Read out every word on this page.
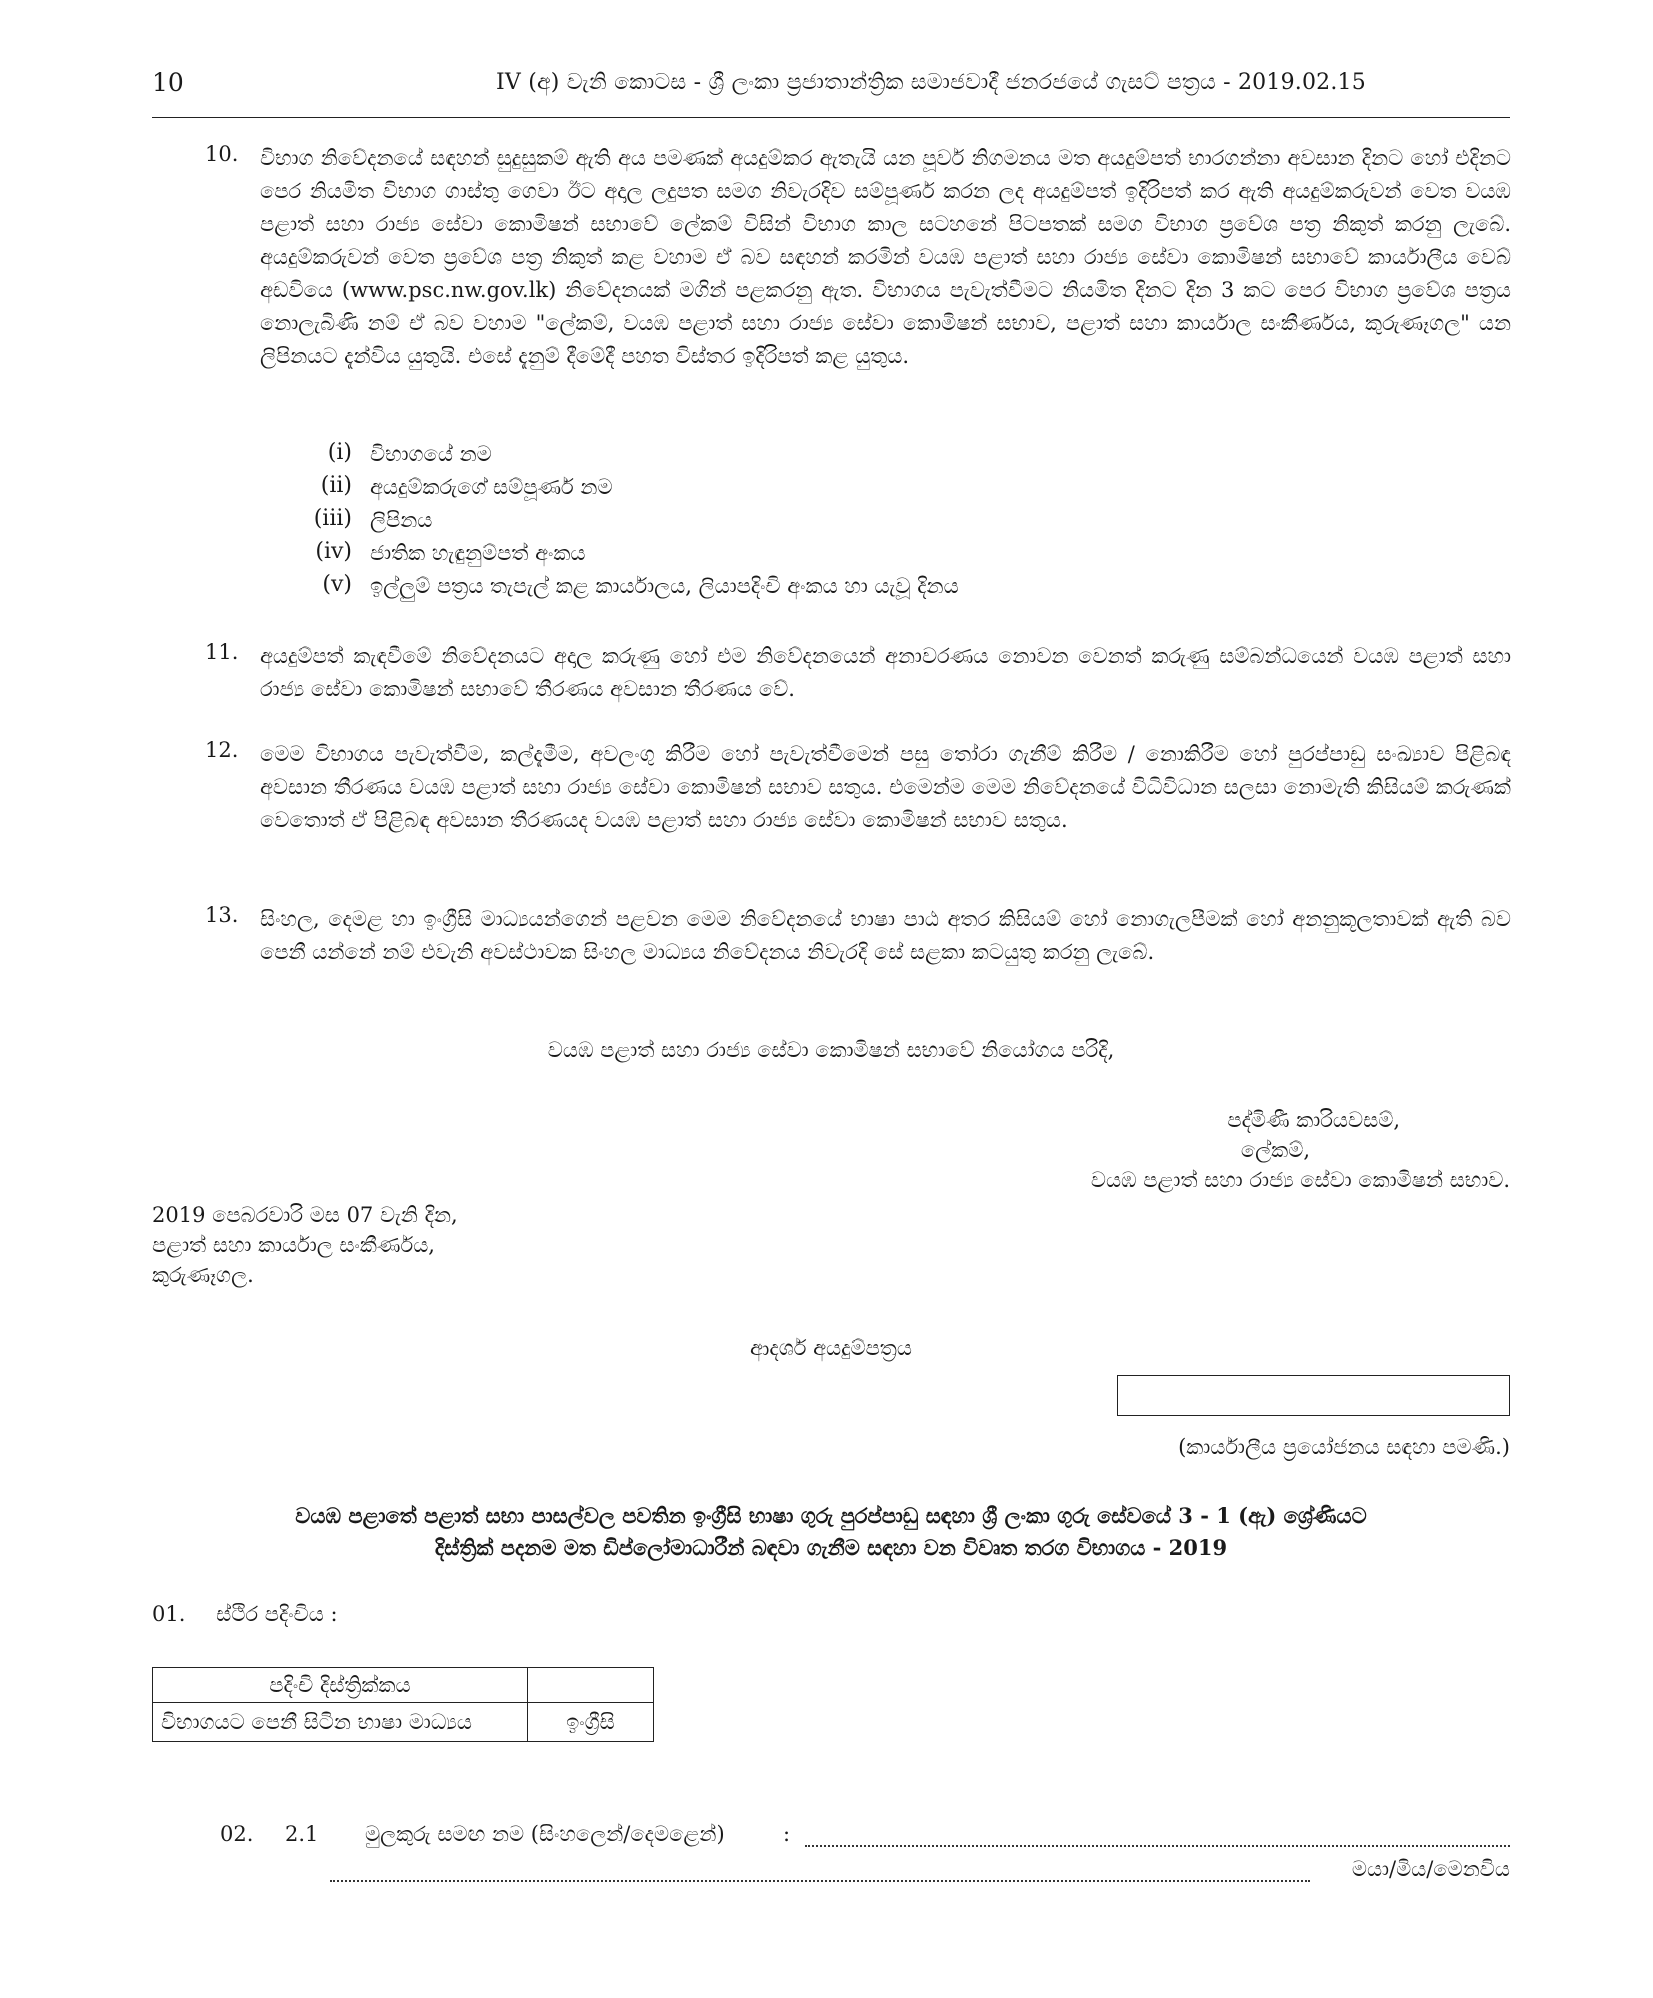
10	IV (අ) වැනි කොටස - ශ්‍රී ලංකා ප්‍රජාතාන්ත්‍රික සමාජවාදී ජනරජයේ ගැසට් පත්‍රය - 2019.02.15
10. විභාග නිවේදනයේ සඳහන් සුදුසුකම් ඇති අය පමණක් අයදුම්කර ඇතැයි යන පූර්ව නිගමනය මත අයදුම්පත් භාරගන්නා අවසාන දිනට හෝ එදිනට පෙර නියමිත විභාග ගාස්තු ගෙවා ඊට අදාල ලදුපත සමග නිවැරදිව සම්පූර්ණ කරන ලද අයදුම්පත් ඉදිරිපත් කර ඇති අයදුම්කරුවන් වෙත වයඹ පළාත් සහා රාජ්‍ය සේවා කොමිෂන් සභාවේ ලේකම් විසින් විභාග කාල සටහනේ පිටපතක් සමග විභාග ප්‍රවේශ පත්‍ර නිකුත් කරනු ලැබේ. අයදුම්කරුවන් වෙත ප්‍රවේශ පත්‍ර නිකුත් කළ වහාම ඒ බව සඳහන් කරමින් වයඹ පළාත් සහා රාජ්‍ය සේවා කොමිෂන් සභාවේ කාර්යාලීය වෙබ් අඩවියෙ (www.psc.nw.gov.lk) නිවේදනයක් මගින් පළකරනු ඇත. විභාගය පැවැත්වීමට නියමිත දිනට දින 3 කට පෙර විභාග ප්‍රවේශ පත්‍රය නොලැබිණි නම් ඒ බව වහාම "ලේකම්, වයඹ පළාත් සහා රාජ්‍ය සේවා කොමිෂන් සභාව, පළාත් සහා කාර්යාල සංකීර්ණය, කුරුණෑගල" යන ලිපිනයට දැන්විය යුතුයි. එසේ දැනුම් දීමේදී පහත විස්තර ඉදිරිපත් කළ යුතුය.
(i) විභාගයේ නම
(ii) අයදුම්කරුගේ සම්පූර්ණ නම
(iii) ලිපිනය
(iv) ජාතික හැඳුනුම්පත් අංකය
(v) ඉල්ලුම් පත්‍රය තැපැල් කළ කාර්යාලය, ලියාපදිංචි අංකය හා යැවූ දිනය
11. අයදුම්පත් කැඳවීමේ නිවේදනයට අදාල කරුණු හෝ එම නිවේදනයෙන් අනාවරණය නොවන වෙනත් කරුණු සම්බන්ධයෙන් වයඹ පළාත් සහා රාජ්‍ය සේවා කොමිෂන් සභාවේ තීරණය අවසාන තීරණය වේ.
12. මෙම විභාගය පැවැත්වීම, කල්දැමීම, අවලංගු කිරීම හෝ පැවැත්වීමෙන් පසු තෝරා ගැනීම් කිරීම / නොකිරීම හෝ පුරප්පාඩු සංඛ්‍යාව පිළිබඳ අවසාන තීරණය වයඹ පළාත් සහා රාජ්‍ය සේවා කොමිෂන් සභාව සතුය. එමෙන්ම මෙම නිවේදනයේ විධිවිධාන සලසා නොමැති කිසියම් කරුණක් වෙතොත් ඒ පිළිබඳ අවසාන තීරණයද වයඹ පළාත් සහා රාජ්‍ය සේවා කොමිෂන් සභාව සතුය.
13. සිංහල, දෙමළ හා ඉංග්‍රීසි මාධ්‍යයන්ගෙන් පළවන මෙම නිවේදනයේ භාෂා පාඨ අතර කිසියම් හෝ නොගැලපීමක් හෝ අනනුකූලතාවක් ඇති බව පෙනී යන්නේ නම් එවැනි අවස්ථාවක සිංහල මාධ්‍යය නිවේදනය නිවැරදි සේ සළකා කටයුතු කරනු ලැබේ.
වයඹ පළාත් සහා රාජ්‍ය සේවා කොමිෂන් සභාවේ නියෝගය පරිදි,
පද්මිණී කාරියවසම්,
ලේකම්,
වයඹ පළාත් සහා රාජ්‍ය සේවා කොමිෂන් සභාව.
2019 පෙබරවාරි මස 07 වැනි දින,
පළාත් සහා කාර්යාල සංකීර්ණය,
කුරුණෑගල.
ආදර්ශ අයදුම්පත්‍රය
(කාර්යාලීය ප්‍රයෝජනය සඳහා පමණි.)
වයඹ පළාතේ පළාත් සභා පාසල්වල පවතින ඉංග්‍රීසි භාෂා ගුරු පුරප්පාඩු සඳහා ශ්‍රී ලංකා ගුරු සේවයේ 3 - 1 (ඇ) ශ්‍රේණියට
දිස්ත්‍රික් පදනම මත ඩිප්ලෝමාධාරීන් බඳවා ගැනීම සඳහා වන විවෘත තරග විභාගය - 2019
01. ස්ථිර පදිංචිය :
පදිංචි දිස්ත්‍රික්කය	
විභාගයට පෙනී සිටින භාෂා මාධ්‍යය	ඉංග්‍රීසි
02. 2.1 මුලකුරු සමඟ නම (සිංහලෙන්/දෙමළෙන්)	:
මයා/මිය/මෙනවිය
